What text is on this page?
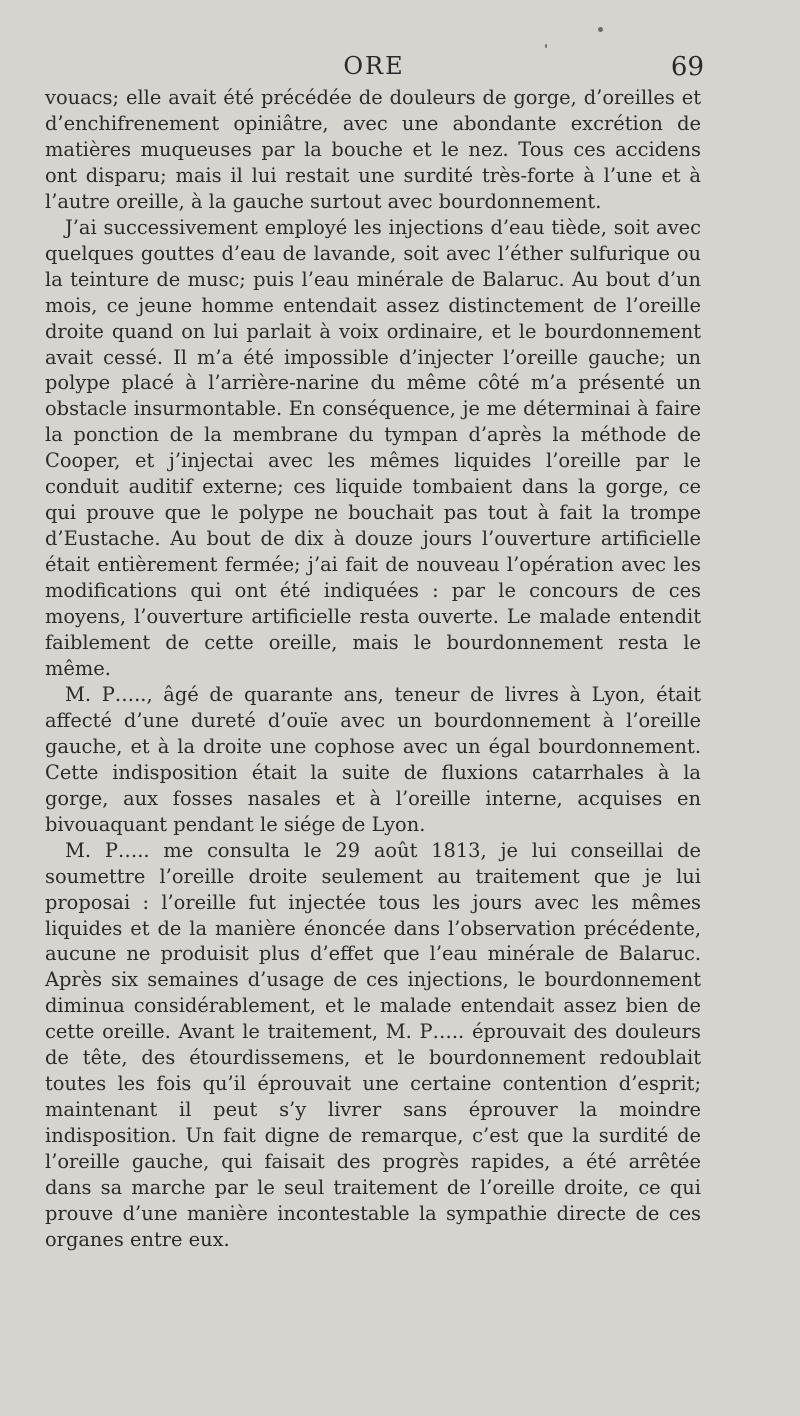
ORE	69

vouacs; elle avait été précédée de douleurs de gorge, d’oreilles et d’enchifrenement opiniâtre, avec une abondante excrétion de matières muqueuses par la bouche et le nez. Tous ces accidens ont disparu; mais il lui restait une surdité très-forte à l’une et à l’autre oreille, à la gauche surtout avec bourdonnement.

J’ai successivement employé les injections d’eau tiède, soit avec quelques gouttes d’eau de lavande, soit avec l’éther sulfurique ou la teinture de musc; puis l’eau minérale de Balaruc. Au bout d’un mois, ce jeune homme entendait assez distinctement de l’oreille droite quand on lui parlait à voix ordinaire, et le bourdonnement avait cessé. Il m’a été impossible d’injecter l’oreille gauche; un polype placé à l’arrière-narine du même côté m’a présenté un obstacle insurmontable. En conséquence, je me déterminai à faire la ponction de la membrane du tympan d’après la méthode de Cooper, et j’injectai avec les mêmes liquides l’oreille par le conduit auditif externe; ces liquide tombaient dans la gorge, ce qui prouve que le polype ne bouchait pas tout à fait la trompe d’Eustache. Au bout de dix à douze jours l’ouverture artificielle était entièrement fermée; j’ai fait de nouveau l’opération avec les modifications qui ont été indiquées : par le concours de ces moyens, l’ouverture artificielle resta ouverte. Le malade entendit faiblement de cette oreille, mais le bourdonnement resta le même.

M. P….., âgé de quarante ans, teneur de livres à Lyon, était affecté d’une dureté d’ouïe avec un bourdonnement à l’oreille gauche, et à la droite une cophose avec un égal bourdonnement. Cette indisposition était la suite de fluxions catarrhales à la gorge, aux fosses nasales et à l’oreille interne, acquises en bivouaquant pendant le siége de Lyon.

M. P….. me consulta le 29 août 1813, je lui conseillai de soumettre l’oreille droite seulement au traitement que je lui proposai : l’oreille fut injectée tous les jours avec les mêmes liquides et de la manière énoncée dans l’observation précédente, aucune ne produisit plus d’effet que l’eau minérale de Balaruc. Après six semaines d’usage de ces injections, le bourdonnement diminua considérablement, et le malade entendait assez bien de cette oreille. Avant le traitement, M. P….. éprouvait des douleurs de tête, des étourdissemens, et le bourdonnement redoublait toutes les fois qu’il éprouvait une certaine contention d’esprit; maintenant il peut s’y livrer sans éprouver la moindre indisposition. Un fait digne de remarque, c’est que la surdité de l’oreille gauche, qui faisait des progrès rapides, a été arrêtée dans sa marche par le seul traitement de l’oreille droite, ce qui prouve d’une manière incontestable la sympathie directe de ces organes entre eux.
